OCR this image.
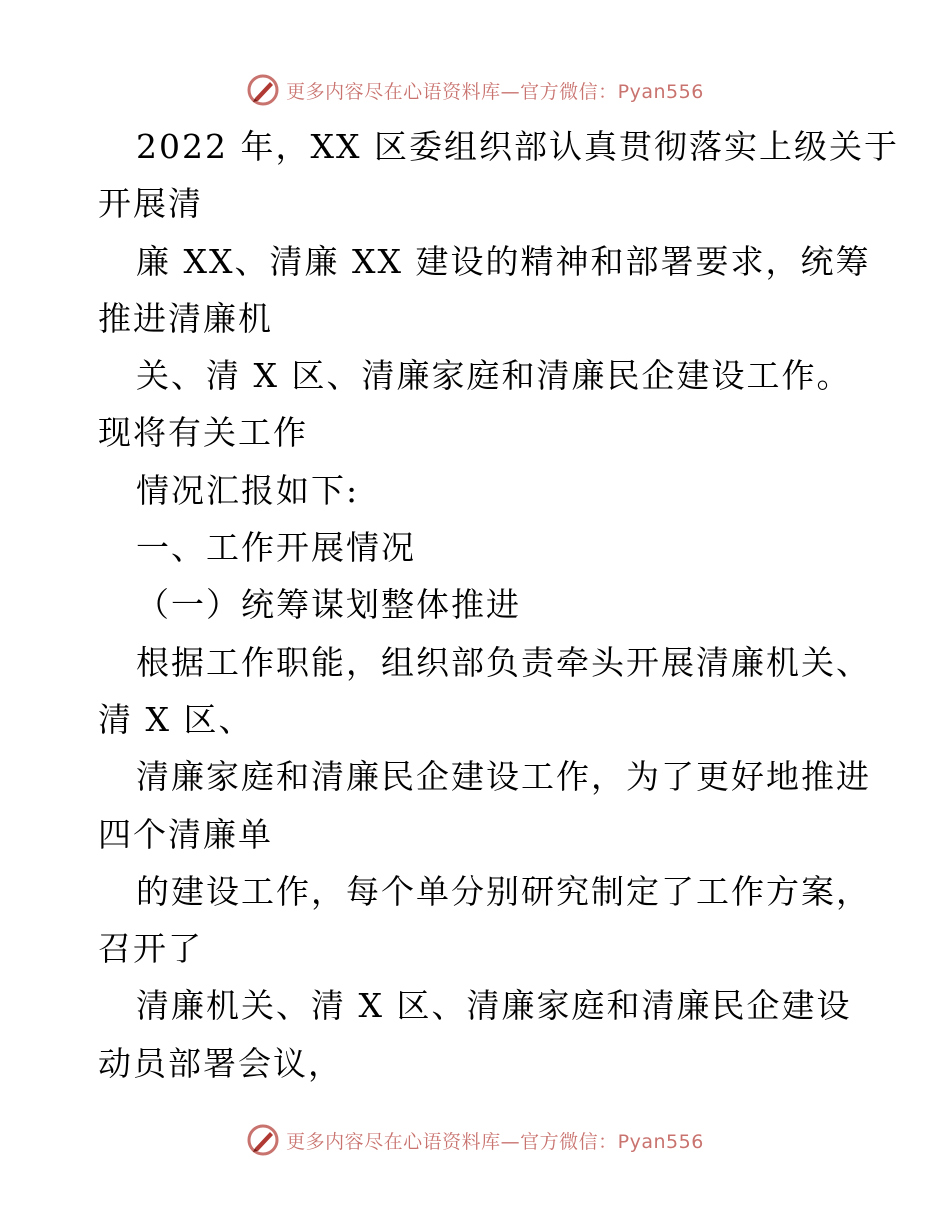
更多内容尽在心语资料库—官方微信：Pyan556
2022 年，XX 区委组织部认真贯彻落实上级关于
开展清
廉 XX、清廉 XX 建设的精神和部署要求，统筹
推进清廉机
关、清 X 区、清廉家庭和清廉民企建设工作。
现将有关工作
情况汇报如下:
一、工作开展情况
（一）统筹谋划整体推进
根据工作职能，组织部负责牵头开展清廉机关、
清 X 区、
清廉家庭和清廉民企建设工作，为了更好地推进
四个清廉单
的建设工作，每个单分别研究制定了工作方案，
召开了
清廉机关、清 X 区、清廉家庭和清廉民企建设
动员部署会议，
更多内容尽在心语资料库—官方微信：Pyan556
